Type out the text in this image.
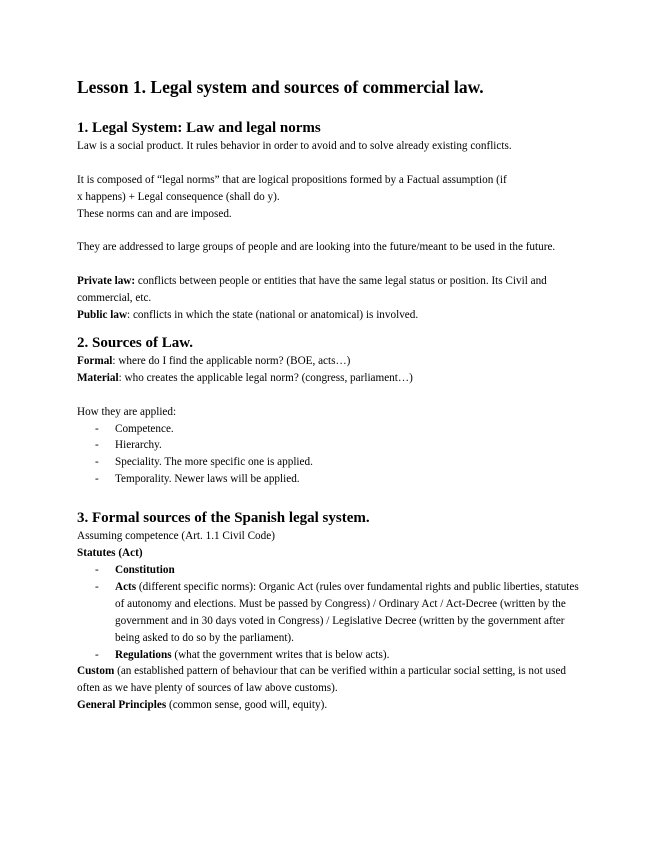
Lesson 1. Legal system and sources of commercial law.
1. Legal System: Law and legal norms

Law is a social product. It rules behavior in order to avoid and to solve already existing conflicts.

It is composed of “legal norms” that are logical propositions formed by a Factual assumption (if

x happens) + Legal consequence (shall do y).

These norms can and are imposed.

They are addressed to large groups of people and are looking into the future/meant to be used in the future.

Private law: conflicts between people or entities that have the same legal status or position. Its Civil and commercial, etc.

Public law: conflicts in which the state (national or anatomical) is involved.

2. Sources of Law.

Formal: where do I find the applicable norm? (BOE, acts…)

Material: who creates the applicable legal norm? (congress, parliament…)

How they are applied:

- Competence.
- Hierarchy.
- Speciality. The more specific one is applied.
- Temporality. Newer laws will be applied.
3. Formal sources of the Spanish legal system.

Assuming competence (Art. 1.1 Civil Code)

Statutes (Act)

- Constitution
- Acts (different specific norms): Organic Act (rules over fundamental rights and public liberties, statutes of autonomy and elections. Must be passed by Congress) / Ordinary Act / Act-Decree (written by the government and in 30 days voted in Congress) / Legislative Decree (written by the government after being asked to do so by the parliament).
- Regulations (what the government writes that is below acts).

Custom (an established pattern of behaviour that can be verified within a particular social setting, is not used often as we have plenty of sources of law above customs).

General Principles (common sense, good will, equity).
